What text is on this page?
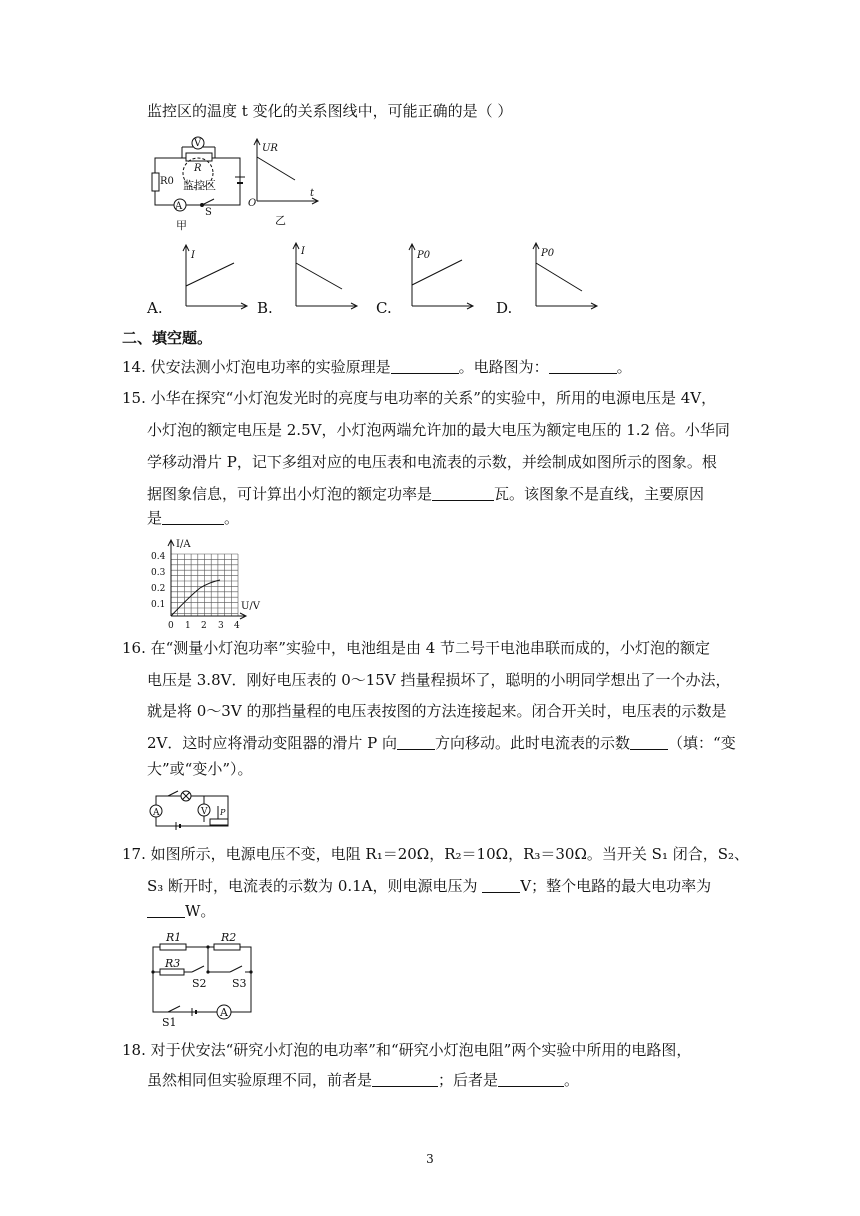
监控区的温度 t 变化的关系图线中，可能正确的是（ ）
V
A
R0
R
监控区
S
甲
UR
t
O
乙
A.
I
B.
I
C.
P0
D.
P0
二、填空题。
14. 伏安法测小灯泡电功率的实验原理是	。电路图为：	。
15. 小华在探究“小灯泡发光时的亮度与电功率的关系”的实验中，所用的电源电压是 4V，
小灯泡的额定电压是 2.5V，小灯泡两端允许加的最大电压为额定电压的 1.2 倍。小华同
学移动滑片 P，记下多组对应的电压表和电流表的示数，并绘制成如图所示的图象。根
据图象信息，可计算出小灯泡的额定功率是	瓦。该图象不是直线，主要原因
是	。
I/A
0.4
0.3
0.2
0.1	U/V
0 1 2 3 4
16. 在“测量小灯泡功率”实验中，电池组是由 4 节二号干电池串联而成的，小灯泡的额定
电压是 3.8V．刚好电压表的 0～15V 挡量程损坏了，聪明的小明同学想出了一个办法，
就是将 0～3V 的那挡量程的电压表按图的方法连接起来。闭合开关时，电压表的示数是
2V．这时应将滑动变阻器的滑片 P 向	方向移动。此时电流表的示数	（填：“变
大”或“变小”）。
A	V P
17. 如图所示，电源电压不变，电阻 R₁＝20Ω，R₂＝10Ω，R₃＝30Ω。当开关 S₁ 闭合，S₂、
S₃ 断开时，电流表的示数为 0.1A，则电源电压为	V；整个电路的最大电功率为
W。
R1	R2
R3
S2 S3
S1
A
18. 对于伏安法“研究小灯泡的电功率”和“研究小灯泡电阻”两个实验中所用的电路图，
虽然相同但实验原理不同，前者是	；后者是	。
3
